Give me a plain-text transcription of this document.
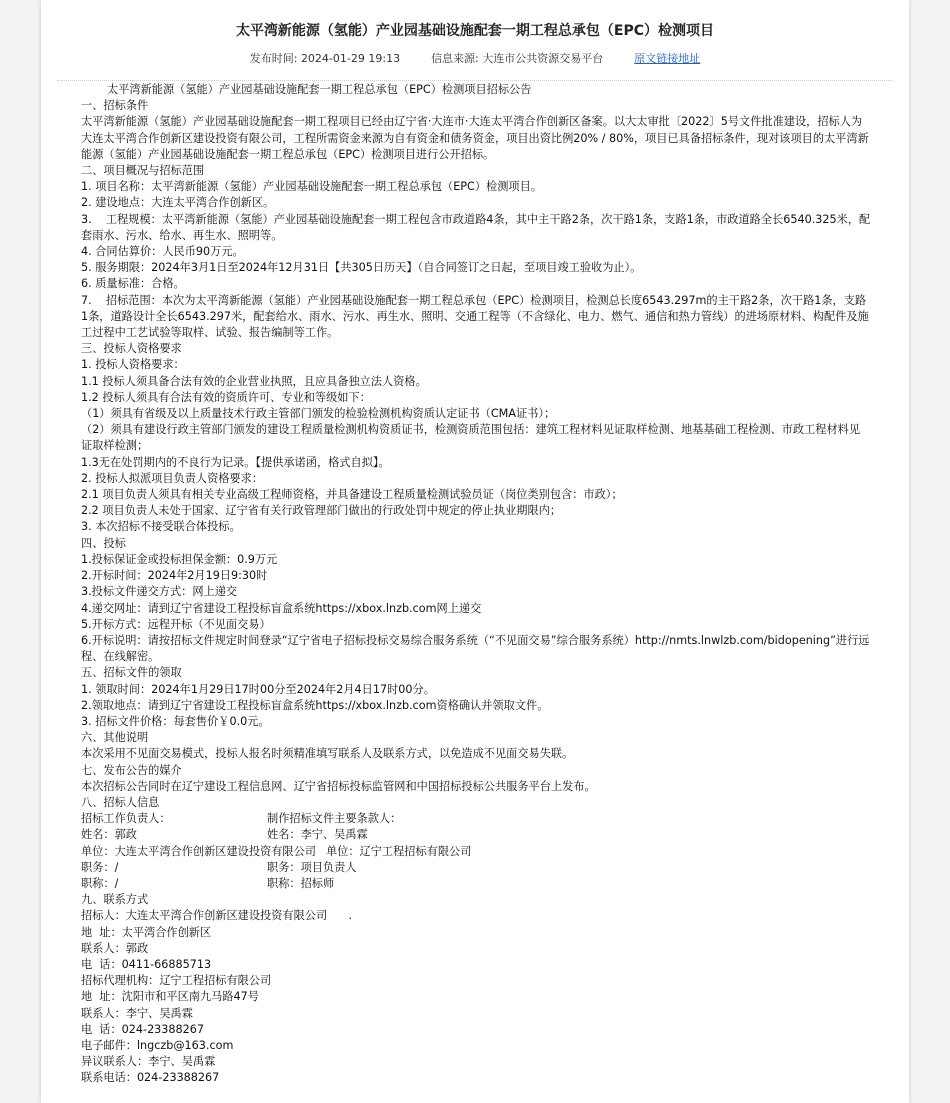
太平湾新能源（氢能）产业园基础设施配套一期工程总承包（EPC）检测项目
发布时间: 2024-01-29 19:13	信息来源: 大连市公共资源交易平台	原文链接地址

太平湾新能源（氢能）产业园基础设施配套一期工程总承包（EPC）检测项目招标公告

一、招标条件

太平湾新能源（氢能）产业园基础设施配套一期工程项目已经由辽宁省·大连市·大连太平湾合作创新区备案。以大太审批〔2022〕5号文件批准建设，招标人为大连太平湾合作创新区建设投资有限公司，工程所需资金来源为自有资金和债务资金，项目出资比例20% / 80%，项目已具备招标条件，现对该项目的太平湾新能源（氢能）产业园基础设施配套一期工程总承包（EPC）检测项目进行公开招标。

二、项目概况与招标范围

1. 项目名称：太平湾新能源（氢能）产业园基础设施配套一期工程总承包（EPC）检测项目。

2. 建设地点：大连太平湾合作创新区。

3.    工程规模：太平湾新能源（氢能）产业园基础设施配套一期工程包含市政道路4条，其中主干路2条，次干路1条，支路1条，市政道路全长6540.325米，配套雨水、污水、给水、再生水、照明等。

4. 合同估算价：人民币90万元。

5. 服务期限：2024年3月1日至2024年12月31日【共305日历天】（自合同签订之日起，至项目竣工验收为止）。

6. 质量标准：合格。

7.    招标范围：本次为太平湾新能源（氢能）产业园基础设施配套一期工程总承包（EPC）检测项目，检测总长度6543.297m的主干路2条，次干路1条，支路1条，道路设计全长6543.297米，配套给水、雨水、污水、再生水、照明、交通工程等（不含绿化、电力、燃气、通信和热力管线）的进场原材料、构配件及施工过程中工艺试验等取样、试验、报告编制等工作。

三、投标人资格要求

1. 投标人资格要求：

1.1 投标人须具备合法有效的企业营业执照，且应具备独立法人资格。

1.2 投标人须具有合法有效的资质许可、专业和等级如下：

（1）须具有省级及以上质量技术行政主管部门颁发的检验检测机构资质认定证书（CMA证书）；

（2）须具有建设行政主管部门颁发的建设工程质量检测机构资质证书，检测资质范围包括：建筑工程材料见证取样检测、地基基础工程检测、市政工程材料见证取样检测；

1.3无在处罚期内的不良行为记录。【提供承诺函，格式自拟】。

2. 投标人拟派项目负责人资格要求：

2.1 项目负责人须具有相关专业高级工程师资格，并具备建设工程质量检测试验员证（岗位类别包含：市政）；

2.2 项目负责人未处于国家、辽宁省有关行政管理部门做出的行政处罚中规定的停止执业期限内；

3. 本次招标不接受联合体投标。

四、投标

1.投标保证金或投标担保金额：0.9万元

2.开标时间：2024年2月19日9:30时

3.投标文件递交方式：网上递交

4.递交网址：请到辽宁省建设工程投标盲盒系统https://xbox.lnzb.com网上递交

5.开标方式：远程开标（不见面交易）

6.开标说明：请按招标文件规定时间登录“辽宁省电子招标投标交易综合服务系统（“不见面交易”综合服务系统）http://nmts.lnwlzb.com/bidopening”进行远程、在线解密。

五、招标文件的领取

1. 领取时间：2024年1月29日17时00分至2024年2月4日17时00分。

2.领取地点：请到辽宁省建设工程投标盲盒系统https://xbox.lnzb.com资格确认并领取文件。

3. 招标文件价格：每套售价￥0.0元。

六、其他说明

本次采用不见面交易模式，投标人报名时须精准填写联系人及联系方式，以免造成不见面交易失联。

七、发布公告的媒介

本次招标公告同时在辽宁建设工程信息网、辽宁省招标投标监管网和中国招标投标公共服务平台上发布。

八、招标人信息

招标工作负责人：	制作招标文件主要条款人：
姓名：郭政	姓名：李宁、吴禹霖
单位：大连太平湾合作创新区建设投资有限公司 单位：辽宁工程招标有限公司
职务：/	职务：项目负责人
职称：/	职称：招标师

九、联系方式

招标人：大连太平湾合作创新区建设投资有限公司      .

地  址：太平湾合作创新区

联系人：郭政

电  话：0411-66885713

招标代理机构：辽宁工程招标有限公司

地  址：沈阳市和平区南九马路47号

联系人：李宁、吴禹霖

电  话：024-23388267

电子邮件：lngczb@163.com

异议联系人：李宁、吴禹霖

联系电话：024-23388267
